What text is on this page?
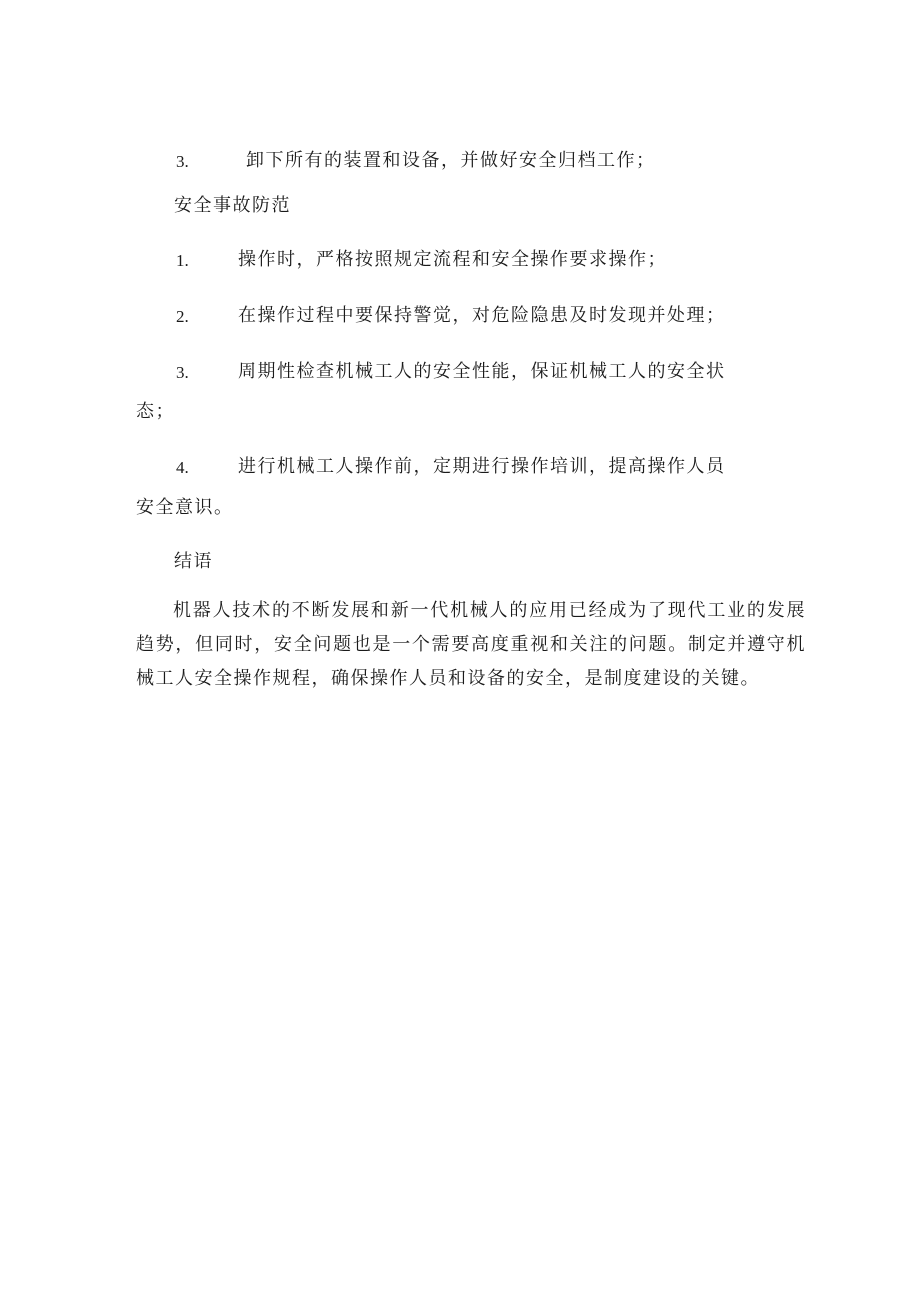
3.	卸下所有的装置和设备，并做好安全归档工作；
安全事故防范
1.	操作时，严格按照规定流程和安全操作要求操作；
2.	在操作过程中要保持警觉，对危险隐患及时发现并处理；
3.	周期性检查机械工人的安全性能，保证机械工人的安全状
态；
4.	进行机械工人操作前，定期进行操作培训，提高操作人员
安全意识。
结语
机器人技术的不断发展和新一代机械人的应用已经成为了现代工业的发展趋势，但同时，安全问题也是一个需要高度重视和关注的问题。制定并遵守机械工人安全操作规程，确保操作人员和设备的安全，是制度建设的关键。
